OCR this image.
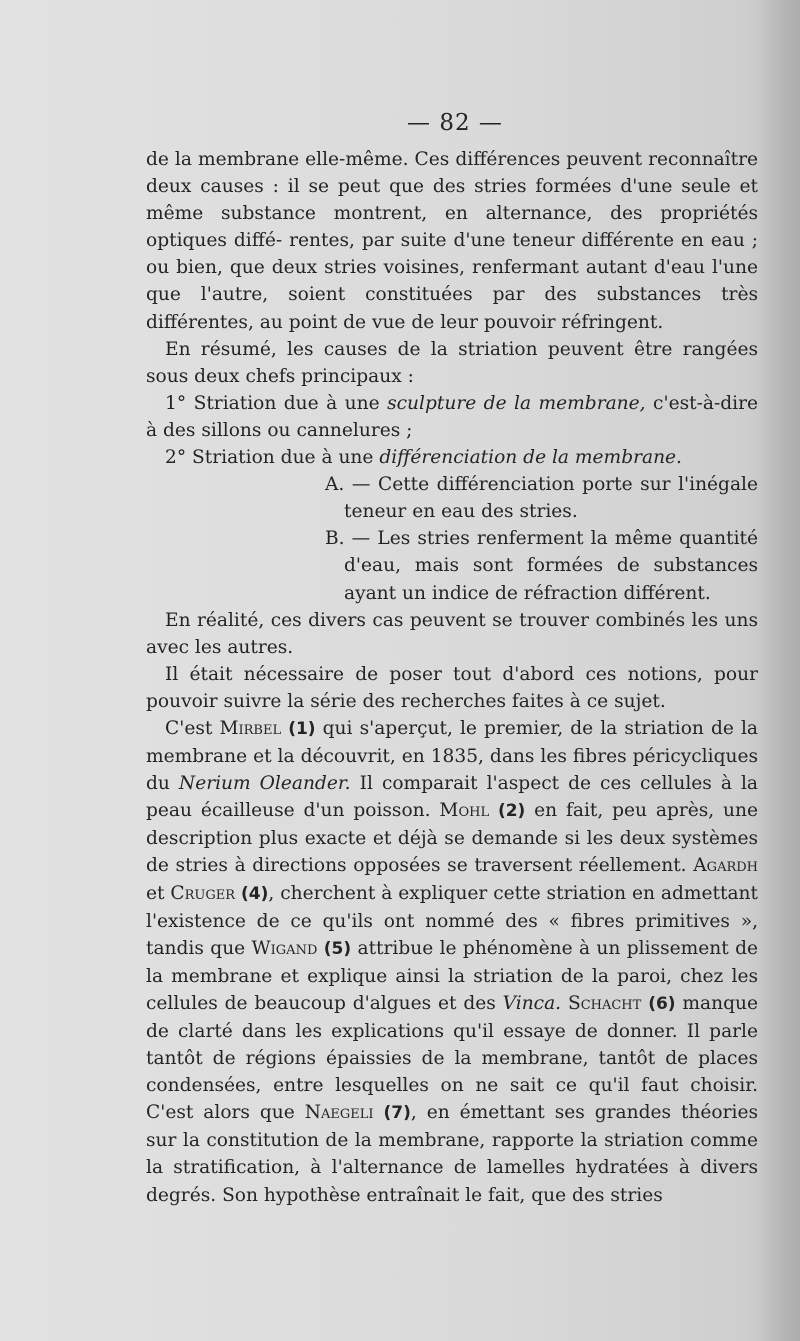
— 82 —

de la membrane elle-même. Ces différences peuvent reconnaître deux causes : il se peut que des stries formées d'une seule et même substance montrent, en alternance, des propriétés optiques diffé- rentes, par suite d'une teneur différente en eau ; ou bien, que deux stries voisines, renfermant autant d'eau l'une que l'autre, soient constituées par des substances très différentes, au point de vue de leur pouvoir réfringent.

En résumé, les causes de la striation peuvent être rangées sous deux chefs principaux :

1° Striation due à une sculpture de la membrane, c'est-à-dire à des sillons ou cannelures ;

2° Striation due à une différenciation de la membrane.

A. — Cette différenciation porte sur l'inégale teneur en eau des stries.

B. — Les stries renferment la même quantité d'eau, mais sont formées de substances ayant un indice de réfraction différent.

En réalité, ces divers cas peuvent se trouver combinés les uns avec les autres.

Il était nécessaire de poser tout d'abord ces notions, pour pouvoir suivre la série des recherches faites à ce sujet.

C'est Mirbel (1) qui s'aperçut, le premier, de la striation de la membrane et la découvrit, en 1835, dans les fibres péricycliques du Nerium Oleander. Il comparait l'aspect de ces cellules à la peau écailleuse d'un poisson. Mohl (2) en fait, peu après, une description plus exacte et déjà se demande si les deux systèmes de stries à directions opposées se traversent réellement. Agardh et Cruger (4), cherchent à expliquer cette striation en admettant l'existence de ce qu'ils ont nommé des « fibres primitives », tandis que Wigand (5) attribue le phénomène à un plissement de la membrane et explique ainsi la striation de la paroi, chez les cellules de beaucoup d'algues et des Vinca. Schacht (6) manque de clarté dans les explications qu'il essaye de donner. Il parle tantôt de régions épaissies de la membrane, tantôt de places condensées, entre lesquelles on ne sait ce qu'il faut choisir. C'est alors que Naegeli (7), en émettant ses grandes théories sur la constitution de la membrane, rapporte la striation comme la stratification, à l'alternance de lamelles hydratées à divers degrés. Son hypothèse entraînait le fait, que des stries
